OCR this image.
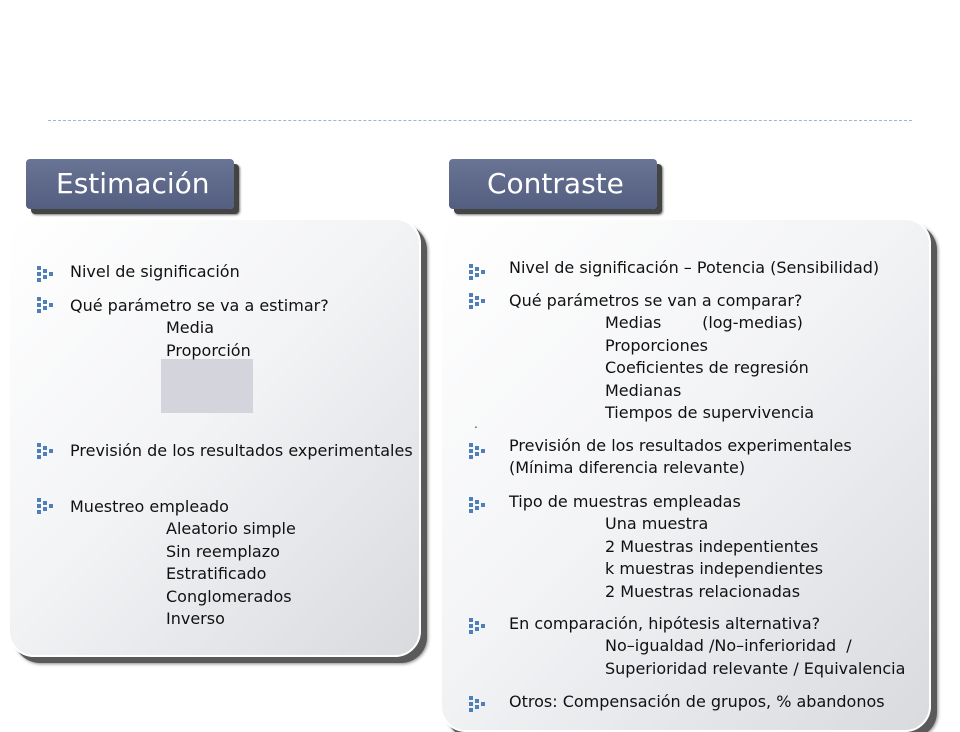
Estimación	Contraste
.
Nivel de significación
Qué parámetro se va a estimar?
Media
Proporción
Previsión de los resultados experimentales
Muestreo empleado
Aleatorio simple
Sin reemplazo
Estratificado
Conglomerados
Inverso
Nivel de significación – Potencia (Sensibilidad)
Qué parámetros se van a comparar?
Medias        (log-medias)
Proporciones
Coeficientes de regresión
Medianas
Tiempos de supervivencia
Previsión de los resultados experimentales
(Mínima diferencia relevante)
Tipo de muestras empleadas
Una muestra
2 Muestras indepentientes
k muestras independientes
2 Muestras relacionadas
En comparación, hipótesis alternativa?
No–igualdad /No–inferioridad  /
Superioridad relevante / Equivalencia
Otros: Compensación de grupos, % abandonos
